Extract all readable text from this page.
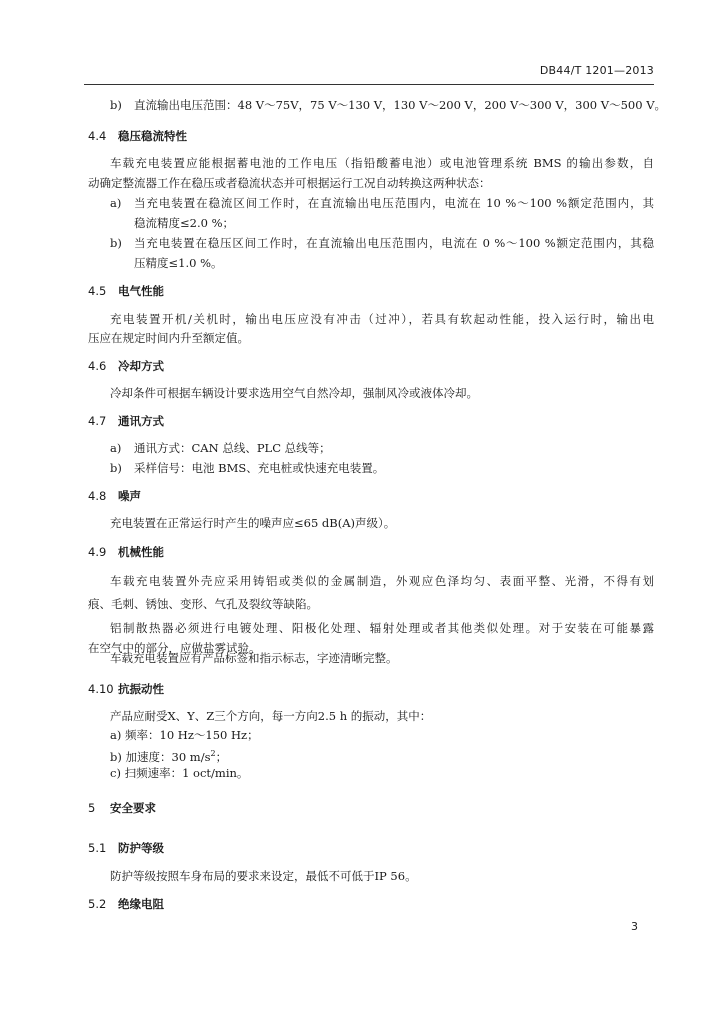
DB44/T 1201—2013
b) 直流输出电压范围：48 V～75V，75 V～130 V，130 V～200 V，200 V～300 V，300 V～500 V。
4.4 稳压稳流特性
车载充电装置应能根据蓄电池的工作电压（指铅酸蓄电池）或电池管理系统 BMS 的输出参数，自
动确定整流器工作在稳压或者稳流状态并可根据运行工况自动转换这两种状态：
a) 当充电装置在稳流区间工作时，在直流输出电压范围内，电流在 10 %～100 %额定范围内，其
稳流精度≤2.0 %；
b) 当充电装置在稳压区间工作时，在直流输出电压范围内，电流在 0 %～100 %额定范围内，其稳
压精度≤1.0 %。
4.5 电气性能
充电装置开机/关机时，输出电压应没有冲击（过冲），若具有软起动性能，投入运行时，输出电
压应在规定时间内升至额定值。
4.6 冷却方式
冷却条件可根据车辆设计要求选用空气自然冷却，强制风冷或液体冷却。
4.7 通讯方式
a) 通讯方式：CAN 总线、PLC 总线等；
b) 采样信号：电池 BMS、充电桩或快速充电装置。
4.8 噪声
充电装置在正常运行时产生的噪声应≤65 dB(A)声级）。
4.9 机械性能
车载充电装置外壳应采用铸铝或类似的金属制造，外观应色泽均匀、表面平整、光滑，不得有划
痕、毛刺、锈蚀、变形、气孔及裂纹等缺陷。
铝制散热器必须进行电镀处理、阳极化处理、辐射处理或者其他类似处理。对于安装在可能暴露
在空气中的部分，应做盐雾试验。
车载充电装置应有产品标签和指示标志，字迹清晰完整。
4.10 抗振动性
产品应耐受X、Y、Z三个方向，每一方向2.5 h 的振动，其中：
a) 频率：10 Hz～150 Hz；
b) 加速度：30 $m/s^2$；
c) 扫频速率：1 oct/min。
5 安全要求
5.1 防护等级
防护等级按照车身布局的要求来设定，最低不可低于IP 56。
5.2 绝缘电阻
3
